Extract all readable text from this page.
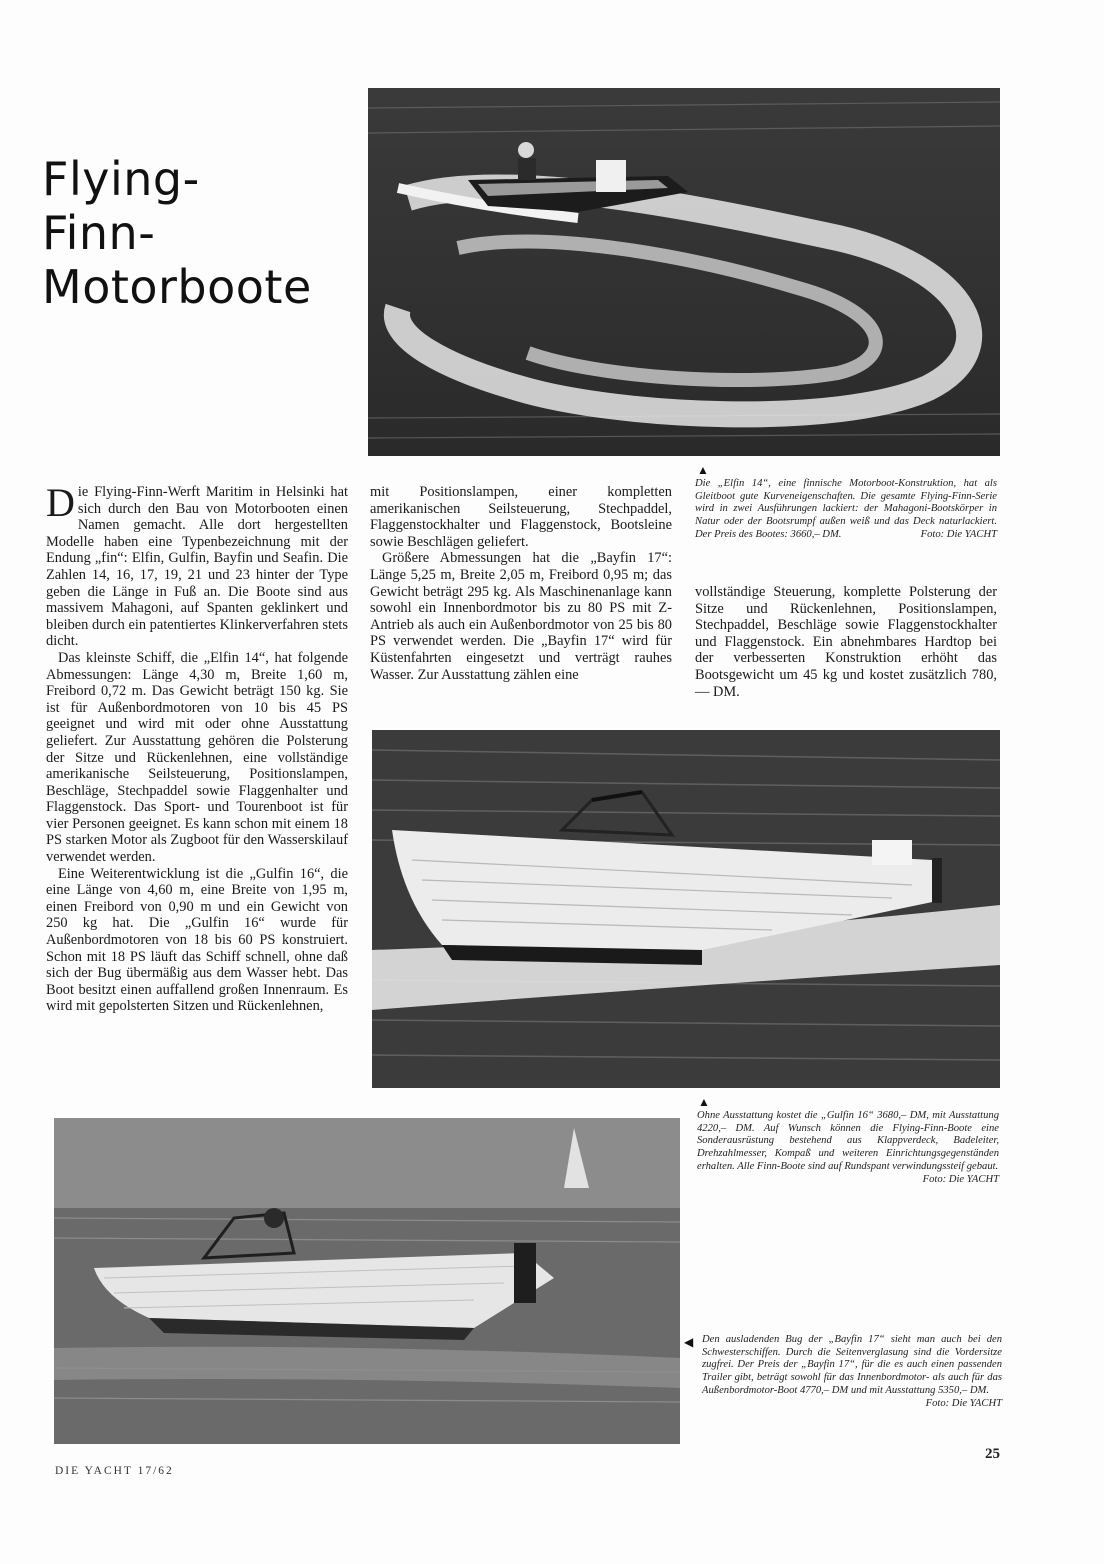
Flying-
Finn-
Motorboote

Die Flying-Finn-Werft Maritim in Helsinki hat sich durch den Bau von Motorbooten einen Namen gemacht. Alle dort hergestellten Modelle haben eine Typenbezeichnung mit der Endung „fin“: Elfin, Gulfin, Bayfin und Seafin. Die Zahlen 14, 16, 17, 19, 21 und 23 hinter der Type geben die Länge in Fuß an. Die Boote sind aus massivem Mahagoni, auf Spanten geklinkert und bleiben durch ein patentiertes Klinkerverfahren stets dicht.

Das kleinste Schiff, die „Elfin 14“, hat folgende Abmessungen: Länge 4,30 m, Breite 1,60 m, Freibord 0,72 m. Das Gewicht beträgt 150 kg. Sie ist für Außenbordmotoren von 10 bis 45 PS geeignet und wird mit oder ohne Ausstattung geliefert. Zur Ausstattung gehören die Polsterung der Sitze und Rückenlehnen, eine vollständige amerikanische Seilsteuerung, Positionslampen, Beschläge, Stechpaddel sowie Flaggenhalter und Flaggenstock. Das Sport- und Tourenboot ist für vier Personen geeignet. Es kann schon mit einem 18 PS starken Motor als Zugboot für den Wasserskilauf verwendet werden.

Eine Weiterentwicklung ist die „Gulfin 16“, die eine Länge von 4,60 m, eine Breite von 1,95 m, einen Freibord von 0,90 m und ein Gewicht von 250 kg hat. Die „Gulfin 16“ wurde für Außenbordmotoren von 18 bis 60 PS konstruiert. Schon mit 18 PS läuft das Schiff schnell, ohne daß sich der Bug übermäßig aus dem Wasser hebt. Das Boot besitzt einen auffallend großen Innenraum. Es wird mit gepolsterten Sitzen und Rückenlehnen,

mit Positionslampen, einer kompletten amerikanischen Seilsteuerung, Stechpaddel, Flaggenstockhalter und Flaggenstock, Bootsleine sowie Beschlägen geliefert.

Größere Abmessungen hat die „Bayfin 17“: Länge 5,25 m, Breite 2,05 m, Freibord 0,95 m; das Gewicht beträgt 295 kg. Als Maschinenanlage kann sowohl ein Innenbordmotor bis zu 80 PS mit Z-Antrieb als auch ein Außenbordmotor von 25 bis 80 PS verwendet werden. Die „Bayfin 17“ wird für Küstenfahrten eingesetzt und verträgt rauhes Wasser. Zur Ausstattung zählen eine

▲
Die „Elfin 14“, eine finnische Motorboot-Konstruktion, hat als Gleitboot gute Kurveneigenschaften. Die gesamte Flying-Finn-Serie wird in zwei Ausführungen lackiert: der Mahagoni-Bootskörper in Natur oder der Bootsrumpf außen weiß und das Deck naturlackiert. Der Preis des Bootes: 3660,– DM.	Foto: Die YACHT

vollständige Steuerung, komplette Polsterung der Sitze und Rückenlehnen, Positionslampen, Stechpaddel, Beschläge sowie Flaggenstockhalter und Flaggenstock. Ein abnehmbares Hardtop bei der verbesserten Konstruktion erhöht das Bootsgewicht um 45 kg und kostet zusätzlich 780,— DM.

▲
Ohne Ausstattung kostet die „Gulfin 16“ 3680,– DM, mit Ausstattung 4220,– DM. Auf Wunsch können die Flying-Finn-Boote eine Sonderausrüstung bestehend aus Klappverdeck, Badeleiter, Drehzahlmesser, Kompaß und weiteren Einrichtungsgegenständen erhalten. Alle Finn-Boote sind auf Rundspant verwindungssteif gebaut.
Foto: Die YACHT
◀ Den ausladenden Bug der „Bayfin 17“ sieht man auch bei den Schwesterschiffen. Durch die Seitenverglasung sind die Vordersitze zugfrei. Der Preis der „Bayfin 17“, für die es auch einen passenden Trailer gibt, beträgt sowohl für das Innenbordmotor- als auch für das Außenbordmotor-Boot 4770,– DM und mit Ausstattung 5350,– DM.
Foto: Die YACHT
DIE YACHT 17/62
25
